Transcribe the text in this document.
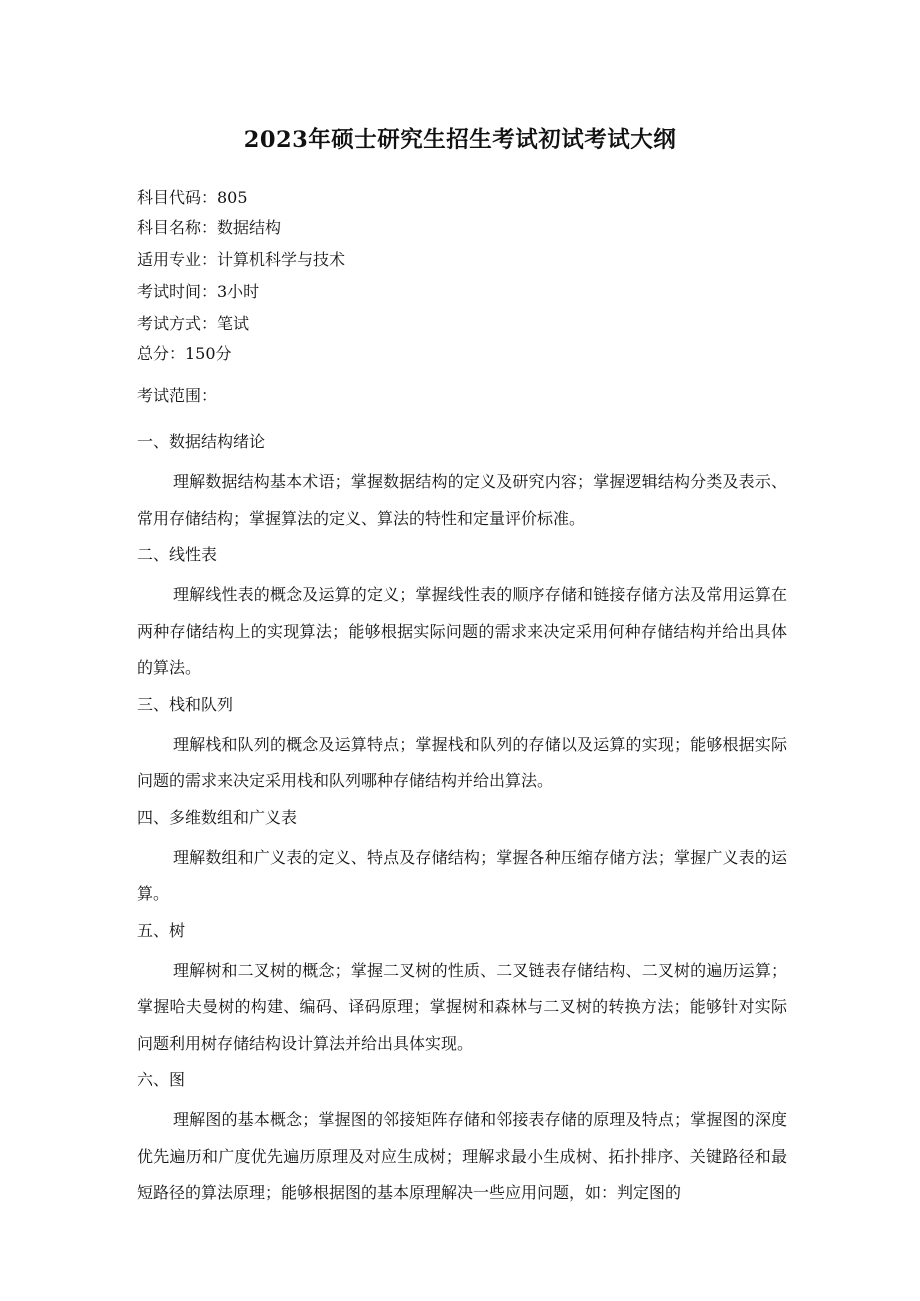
2023年硕士研究生招生考试初试考试大纲
科目代码：805
科目名称：数据结构
适用专业：计算机科学与技术
考试时间：3小时
考试方式：笔试
总分：150分
考试范围：

一、数据结构绪论

理解数据结构基本术语；掌握数据结构的定义及研究内容；掌握逻辑结构分类及表示、常用存储结构；掌握算法的定义、算法的特性和定量评价标准。

二、线性表

理解线性表的概念及运算的定义；掌握线性表的顺序存储和链接存储方法及常用运算在两种存储结构上的实现算法；能够根据实际问题的需求来决定采用何种存储结构并给出具体的算法。

三、栈和队列

理解栈和队列的概念及运算特点；掌握栈和队列的存储以及运算的实现；能够根据实际问题的需求来决定采用栈和队列哪种存储结构并给出算法。

四、多维数组和广义表

理解数组和广义表的定义、特点及存储结构；掌握各种压缩存储方法；掌握广义表的运算。

五、树

理解树和二叉树的概念；掌握二叉树的性质、二叉链表存储结构、二叉树的遍历运算；掌握哈夫曼树的构建、编码、译码原理；掌握树和森林与二叉树的转换方法；能够针对实际问题利用树存储结构设计算法并给出具体实现。

六、图

理解图的基本概念；掌握图的邻接矩阵存储和邻接表存储的原理及特点；掌握图的深度优先遍历和广度优先遍历原理及对应生成树；理解求最小生成树、拓扑排序、关键路径和最短路径的算法原理；能够根据图的基本原理解决一些应用问题，如：判定图的
